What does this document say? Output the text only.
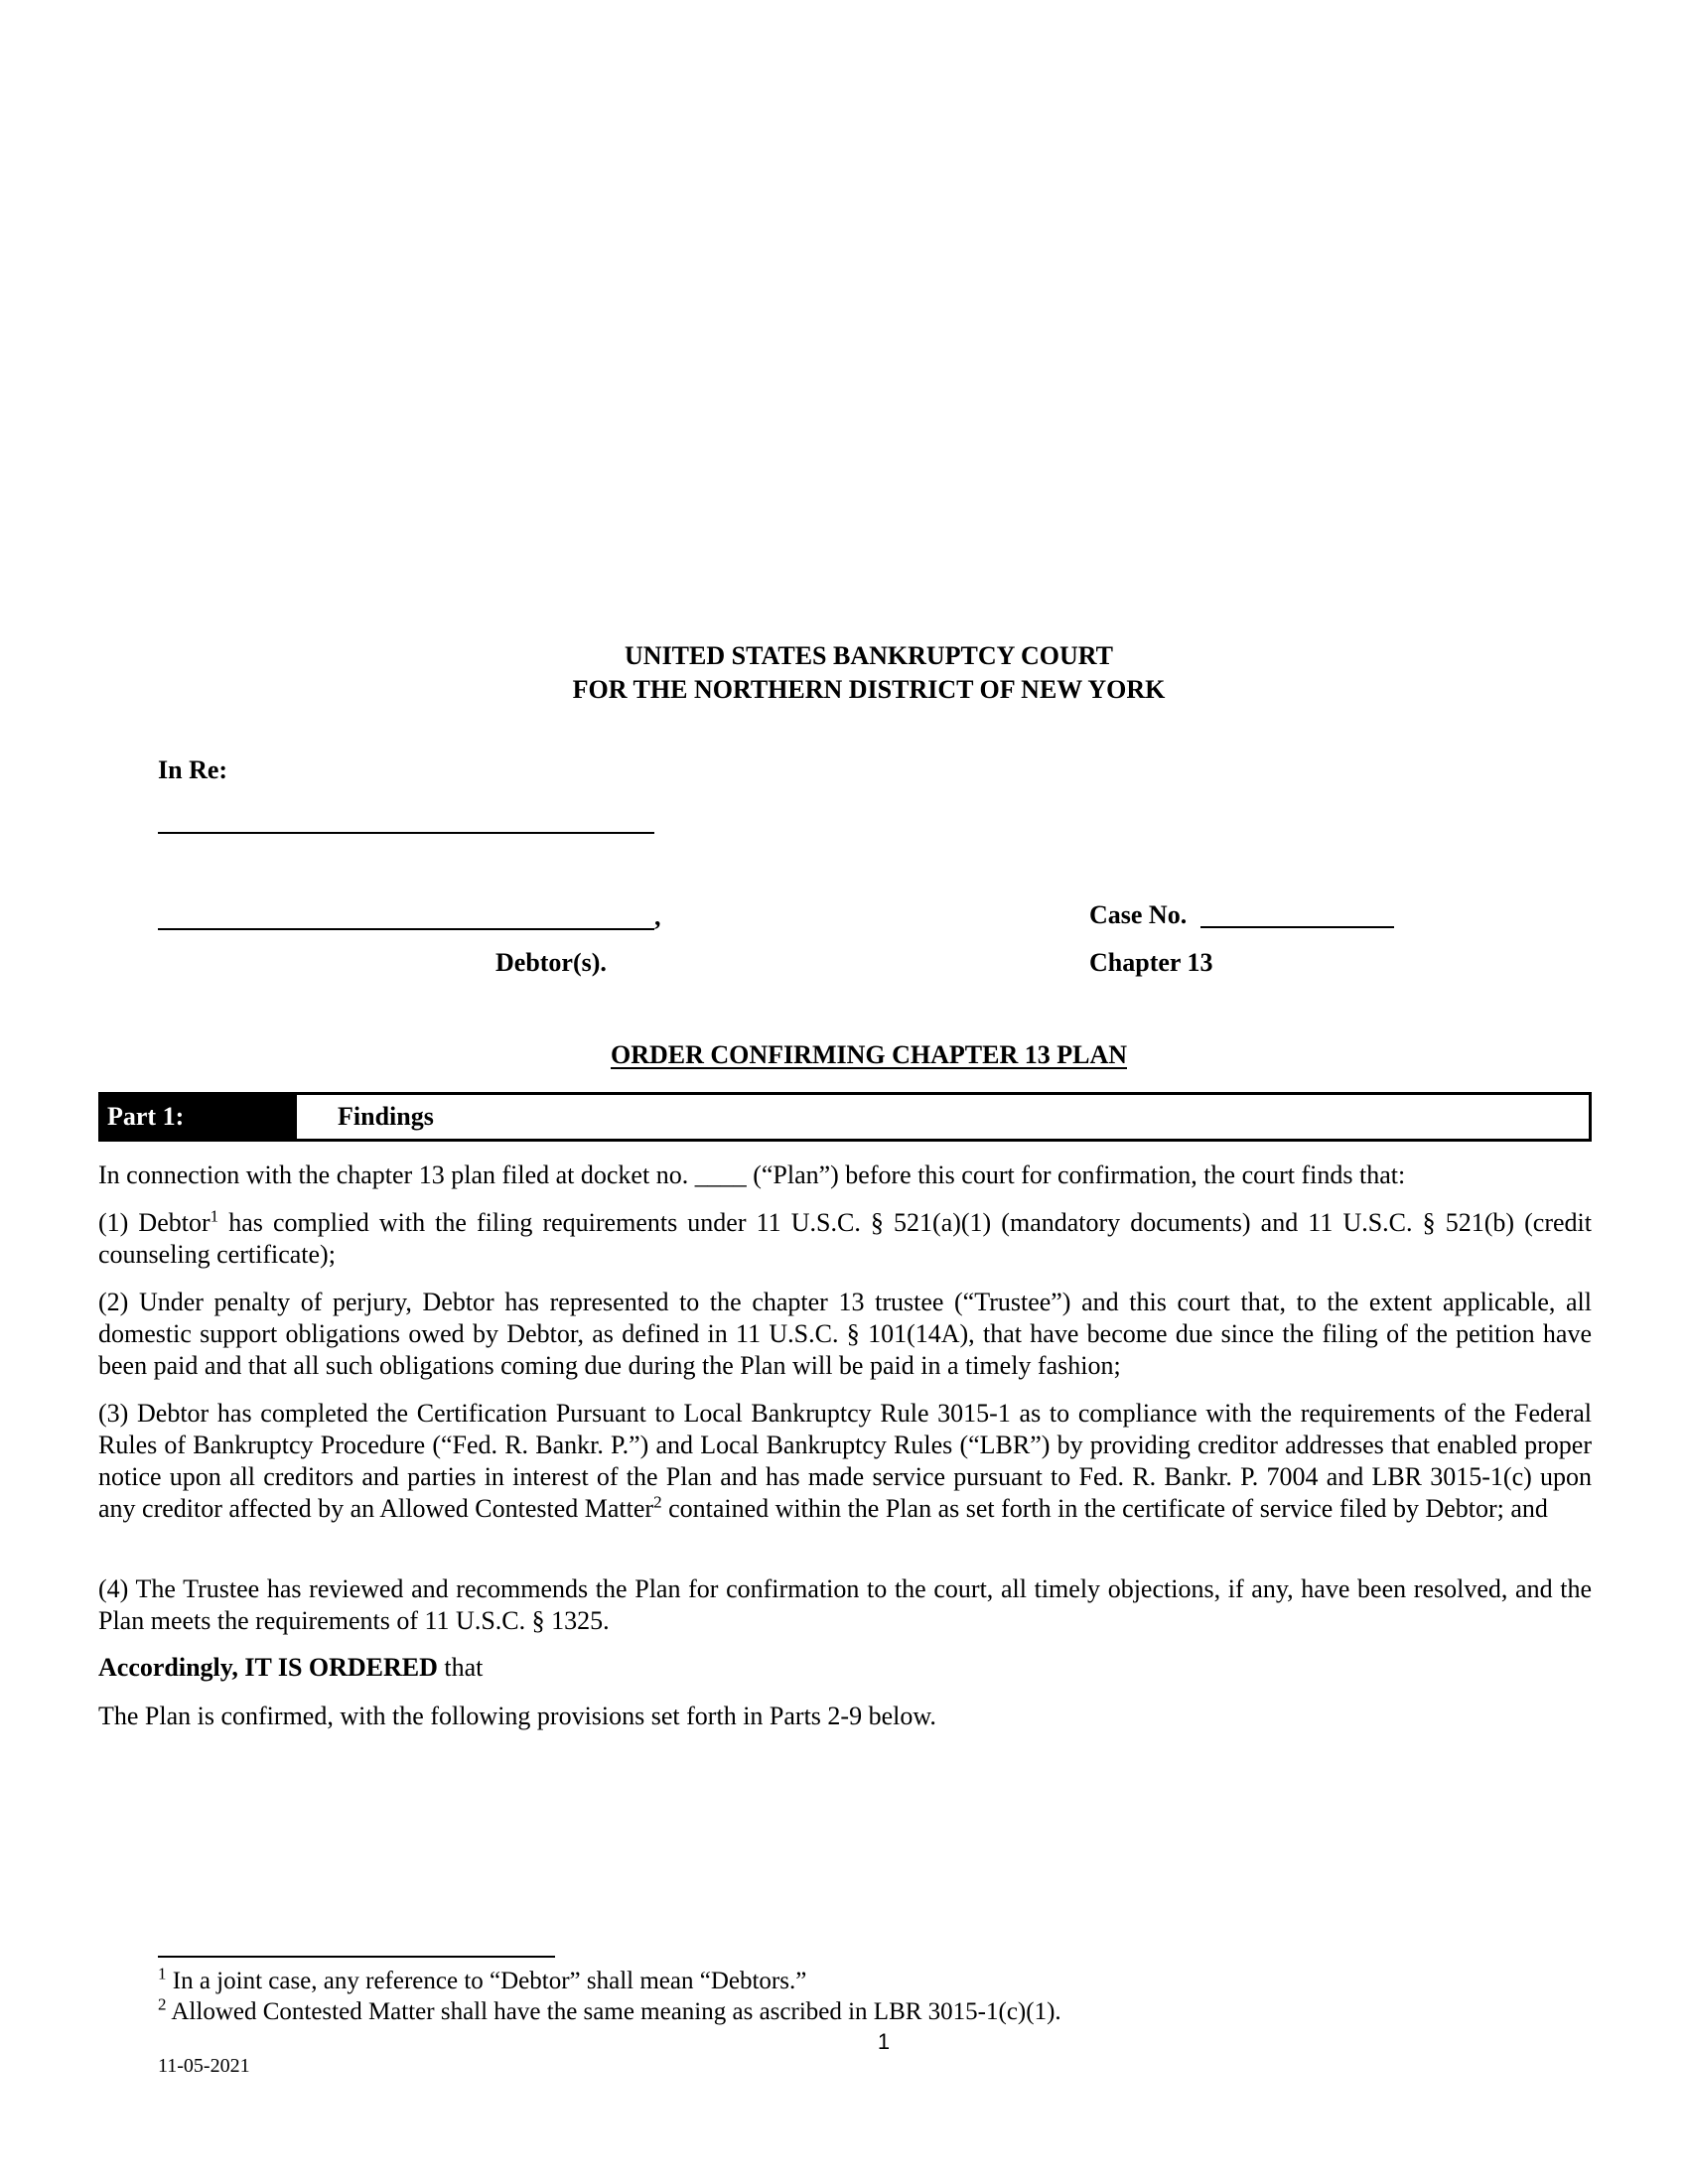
UNITED STATES BANKRUPTCY COURT
FOR THE NORTHERN DISTRICT OF NEW YORK
In Re:
,
Debtor(s).
Case No.
Chapter 13
ORDER CONFIRMING CHAPTER 13 PLAN
Part 1:	Findings

In connection with the chapter 13 plan filed at docket no. ____ (“Plan”) before this court for confirmation, the court finds that:

(1) Debtor$^1$ has complied with the filing requirements under 11 U.S.C. § 521(a)(1) (mandatory documents) and 11 U.S.C. § 521(b) (credit counseling certificate);

(2) Under penalty of perjury, Debtor has represented to the chapter 13 trustee (“Trustee”) and this court that, to the extent applicable, all domestic support obligations owed by Debtor, as defined in 11 U.S.C. § 101(14A), that have become due since the filing of the petition have been paid and that all such obligations coming due during the Plan will be paid in a timely fashion;

(3) Debtor has completed the Certification Pursuant to Local Bankruptcy Rule 3015-1 as to compliance with the requirements of the Federal Rules of Bankruptcy Procedure (“Fed. R. Bankr. P.”) and Local Bankruptcy Rules (“LBR”) by providing creditor addresses that enabled proper notice upon all creditors and parties in interest of the Plan and has made service pursuant to Fed. R. Bankr. P. 7004 and LBR 3015-1(c) upon any creditor affected by an Allowed Contested Matter$^2$ contained within the Plan as set forth in the certificate of service filed by Debtor; and

(4) The Trustee has reviewed and recommends the Plan for confirmation to the court, all timely objections, if any, have been resolved, and the Plan meets the requirements of 11 U.S.C. § 1325.

Accordingly, IT IS ORDERED that

The Plan is confirmed, with the following provisions set forth in Parts 2-9 below.

$^1$ In a joint case, any reference to “Debtor” shall mean “Debtors.”
$^2$ Allowed Contested Matter shall have the same meaning as ascribed in LBR 3015-1(c)(1).
1
11-05-2021
